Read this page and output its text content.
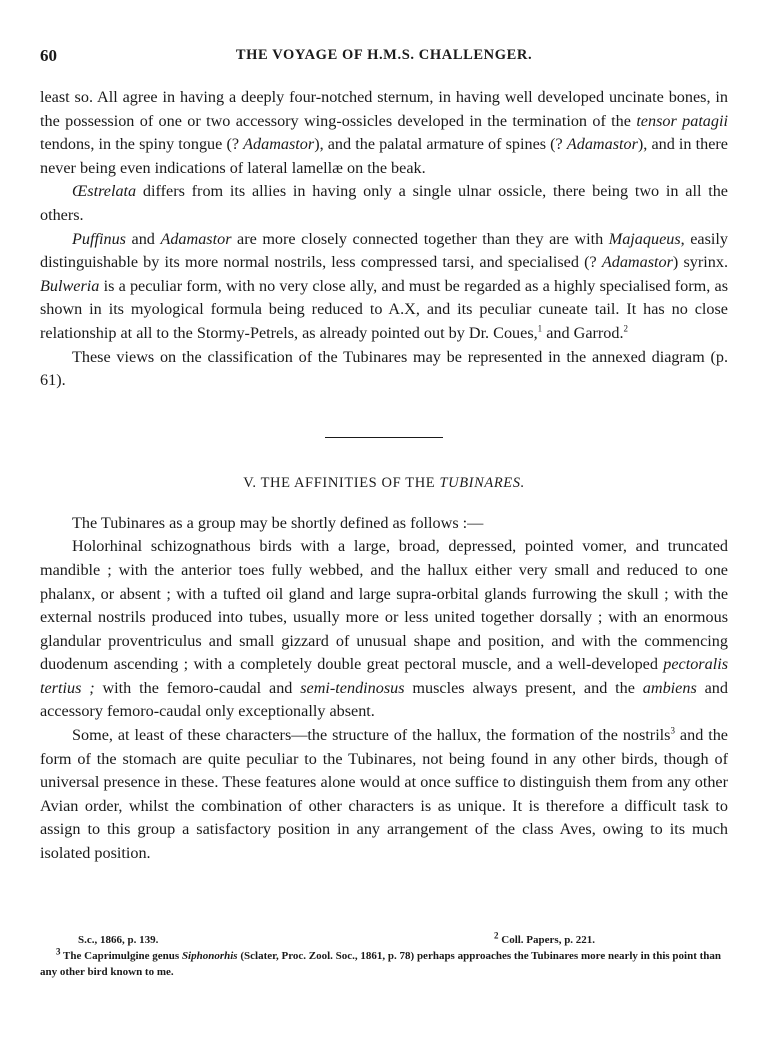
60	THE VOYAGE OF H.M.S. CHALLENGER.

least so. All agree in having a deeply four-notched sternum, in having well developed uncinate bones, in the possession of one or two accessory wing-ossicles developed in the termination of the tensor patagii tendons, in the spiny tongue (? Adamastor), and the palatal armature of spines (? Adamastor), and in there never being even indications of lateral lamellæ on the beak.

Œstrelata differs from its allies in having only a single ulnar ossicle, there being two in all the others.

Puffinus and Adamastor are more closely connected together than they are with Majaqueus, easily distinguishable by its more normal nostrils, less compressed tarsi, and specialised (? Adamastor) syrinx. Bulweria is a peculiar form, with no very close ally, and must be regarded as a highly specialised form, as shown in its myological formula being reduced to A.X, and its peculiar cuneate tail. It has no close relationship at all to the Stormy-Petrels, as already pointed out by Dr. Coues,$^1$ and Garrod.$^2$

These views on the classification of the Tubinares may be represented in the annexed diagram (p. 61).

V. THE AFFINITIES OF THE TUBINARES.

The Tubinares as a group may be shortly defined as follows :—

Holorhinal schizognathous birds with a large, broad, depressed, pointed vomer, and truncated mandible ; with the anterior toes fully webbed, and the hallux either very small and reduced to one phalanx, or absent ; with a tufted oil gland and large supra-orbital glands furrowing the skull ; with the external nostrils produced into tubes, usually more or less united together dorsally ; with an enormous glandular proventriculus and small gizzard of unusual shape and position, and with the commencing duodenum ascending ; with a completely double great pectoral muscle, and a well-developed pectoralis tertius ; with the femoro-caudal and semi-tendinosus muscles always present, and the ambiens and accessory femoro-caudal only exceptionally absent.

Some, at least of these characters—the structure of the hallux, the formation of the nostrils$^3$ and the form of the stomach are quite peculiar to the Tubinares, not being found in any other birds, though of universal presence in these. These features alone would at once suffice to distinguish them from any other Avian order, whilst the combination of other characters is as unique. It is therefore a difficult task to assign to this group a satisfactory position in any arrangement of the class Aves, owing to its much isolated position.

S.c., 1866, p. 139.	$^2$ Coll. Papers, p. 221.
$^3$ The Caprimulgine genus Siphonorhis (Sclater, Proc. Zool. Soc., 1861, p. 78) perhaps approaches the Tubinares more nearly in this point than any other bird known to me.
